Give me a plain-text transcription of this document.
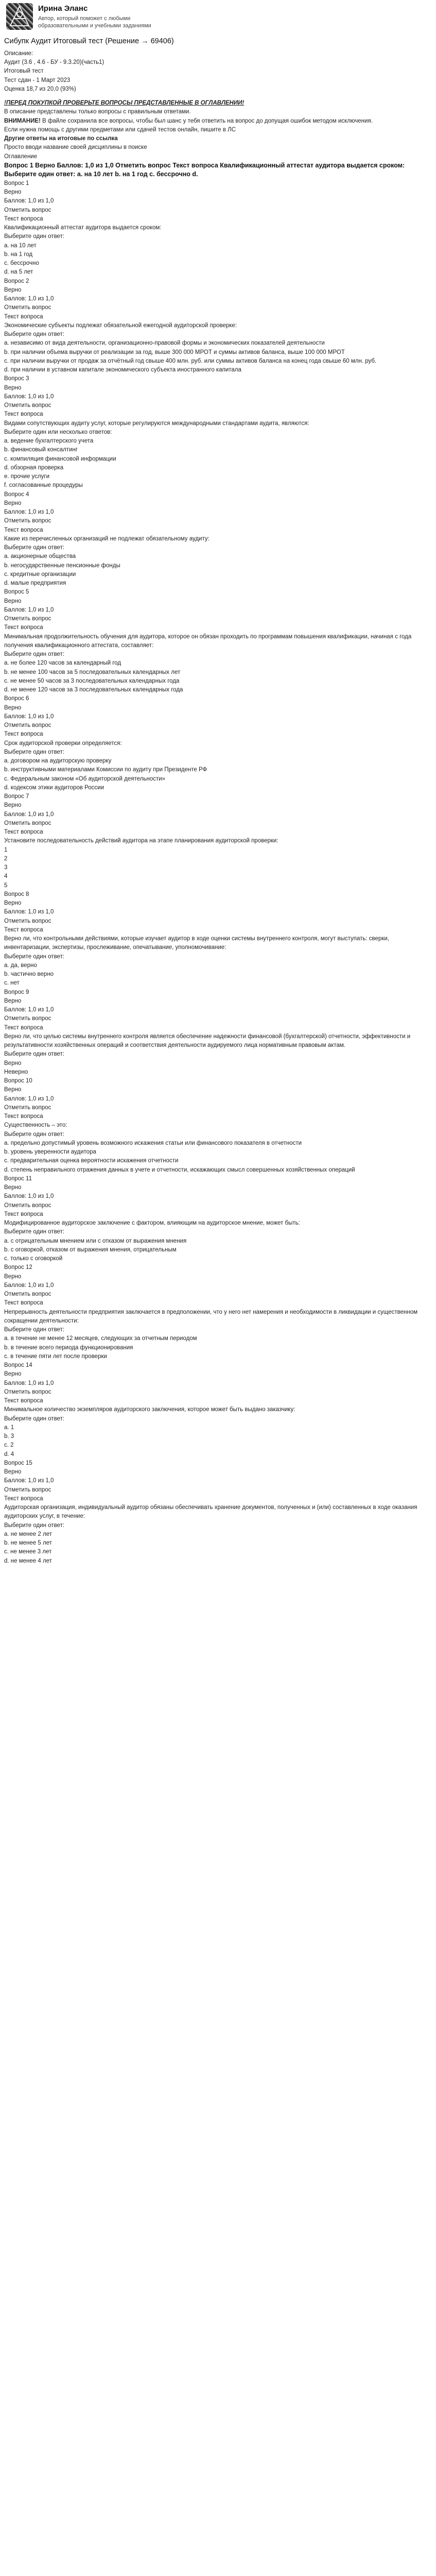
Ирина Эланс
Автор, который поможет с любыми образовательными и учебными заданиями
Сибупк Аудит Итоговый тест (Решение → 69406)
Описание:
Аудит (3.6 , 4.6 - БУ - 9.3.20)(часть1)
Итоговый тест
Тест сдан - 1 Март 2023
Оценка 18,7 из 20,0 (93%)
!ПЕРЕД ПОКУПКОЙ ПРОВЕРЬТЕ ВОПРОСЫ ПРЕДСТАВЛЕННЫЕ В ОГЛАВЛЕНИИ!
В описание представлены только вопросы с правильным ответами.
ВНИМАНИЕ! В файле сохранила все вопросы, чтобы был шанс у тебя ответить на вопрос до допущая ошибок методом исключения.
Если нужна помощь с другими предметами или сдачей тестов онлайн, пишите в ЛС
Другие ответы на итоговые по ссылка
Просто вводи название своей дисциплины в поиске
Оглавление
Вопрос 1 Верно Баллов: 1,0 из 1,0 Отметить вопрос Текст вопроса Квалификационный аттестат аудитора выдается сроком: Выберите один ответ: а. на 10 лет b. на 1 год c. бессрочно d.
Вопрос 1
Верно
Баллов: 1,0 из 1,0
Отметить вопрос
Текст вопроса
Квалификационный аттестат аудитора выдается сроком:
Выберите один ответ:
a. на 10 лет
b. на 1 год
c. бессрочно
d. на 5 лет
Вопрос 2
Верно
Баллов: 1,0 из 1,0
Отметить вопрос
Текст вопроса
Экономические субъекты подлежат обязательной ежегодной аудиторской проверке:
Выберите один ответ:
a. независимо от вида деятельности, организационно-правовой формы и экономических показателей деятельности
b. при наличии объема выручки от реализации за год, выше 300 000 МРОТ и суммы активов баланса, выше 100 000 МРОТ
c. при наличии выручки от продаж за отчётный год свыше 400 млн. руб. или суммы активов баланса на конец года свыше 60 млн. руб.
d. при наличии в уставном капитале экономического субъекта иностранного капитала
Вопрос 3
Верно
Баллов: 1,0 из 1,0
Отметить вопрос
Текст вопроса
Видами сопутствующих аудиту услуг, которые регулируются международными стандартами аудита, являются:
Выберите один или несколько ответов:
a. ведение бухгалтерского учета
b. финансовый консалтинг
c. компиляция финансовой информации
d. обзорная проверка
e. прочие услуги
f. согласованные процедуры
Вопрос 4
Верно
Баллов: 1,0 из 1,0
Отметить вопрос
Текст вопроса
Какие из перечисленных организаций не подлежат обязательному аудиту:
Выберите один ответ:
a. акционерные общества
b. негосударственные пенсионные фонды
c. кредитные организации
d. малые предприятия
Вопрос 5
Верно
Баллов: 1,0 из 1,0
Отметить вопрос
Текст вопроса
Минимальная продолжительность обучения для аудитора, которое он обязан проходить по программам повышения квалификации, начиная с года получения квалификационного аттестата, составляет:
Выберите один ответ:
a. не более 120 часов за календарный год
b. не менее 100 часов за 5 последовательных календарных лет
c. не менее 50 часов за 3 последовательных календарных года
d. не менее 120 часов за 3 последовательных календарных года
Вопрос 6
Верно
Баллов: 1,0 из 1,0
Отметить вопрос
Текст вопроса
Срок аудиторской проверки определяется:
Выберите один ответ:
a. договором на аудиторскую проверку
b. инструктивными материалами Комиссии по аудиту при Президенте РФ
c. Федеральным законом «Об аудиторской деятельности»
d. кодексом этики аудиторов России
Вопрос 7
Верно
Баллов: 1,0 из 1,0
Отметить вопрос
Текст вопроса
Установите последовательность действий аудитора на этапе планирования аудиторской проверки:
1
2
3
4
5
Вопрос 8
Верно
Баллов: 1,0 из 1,0
Отметить вопрос
Текст вопроса
Верно ли, что контрольными действиями, которые изучает аудитор в ходе оценки системы внутреннего контроля, могут выступать: сверки, инвентаризации, экспертизы, прослеживание, опечатывание, уполномочивание:
Выберите один ответ:
a. да, верно
b. частично верно
c. нет
Вопрос 9
Верно
Баллов: 1,0 из 1,0
Отметить вопрос
Текст вопроса
Верно ли, что целью системы внутреннего контроля является обеспечение надежности финансовой (бухгалтерской) отчетности, эффективности и результативности хозяйственных операций и соответствия деятельности аудируемого лица нормативным правовым актам.
Выберите один ответ:
Верно
Неверно
Вопрос 10
Верно
Баллов: 1,0 из 1,0
Отметить вопрос
Текст вопроса
Существенность – это:
Выберите один ответ:
a. предельно допустимый уровень возможного искажения статьи или финансового показателя в отчетности
b. уровень уверенности аудитора
c. предварительная оценка вероятности искажения отчетности
d. степень неправильного отражения данных в учете и отчетности, искажающих смысл совершенных хозяйственных операций
Вопрос 11
Верно
Баллов: 1,0 из 1,0
Отметить вопрос
Текст вопроса
Модифицированное аудиторское заключение с фактором, влияющим на аудиторское мнение, может быть:
Выберите один ответ:
a. с отрицательным мнением или с отказом от выражения мнения
b. с оговоркой, отказом от выражения мнения, отрицательным
c. только с оговоркой
Вопрос 12
Верно
Баллов: 1,0 из 1,0
Отметить вопрос
Текст вопроса
Непрерывность деятельности предприятия заключается в предположении, что у него нет намерения и необходимости в ликвидации и существенном сокращении деятельности:
Выберите один ответ:
a. в течение не менее 12 месяцев, следующих за отчетным периодом
b. в течение всего периода функционирования
c. в течение пяти лет после проверки
Вопрос 14
Верно
Баллов: 1,0 из 1,0
Отметить вопрос
Текст вопроса
Минимальное количество экземпляров аудиторского заключения, которое может быть выдано заказчику:
Выберите один ответ:
a. 1
b. 3
c. 2
d. 4
Вопрос 15
Верно
Баллов: 1,0 из 1,0
Отметить вопрос
Текст вопроса
Аудиторская организация, индивидуальный аудитор обязаны обеспечивать хранение документов, полученных и (или) составленных в ходе оказания аудиторских услуг, в течение:
Выберите один ответ:
a. не менее 2 лет
b. не менее 5 лет
c. не менее 3 лет
d. не менее 4 лет
